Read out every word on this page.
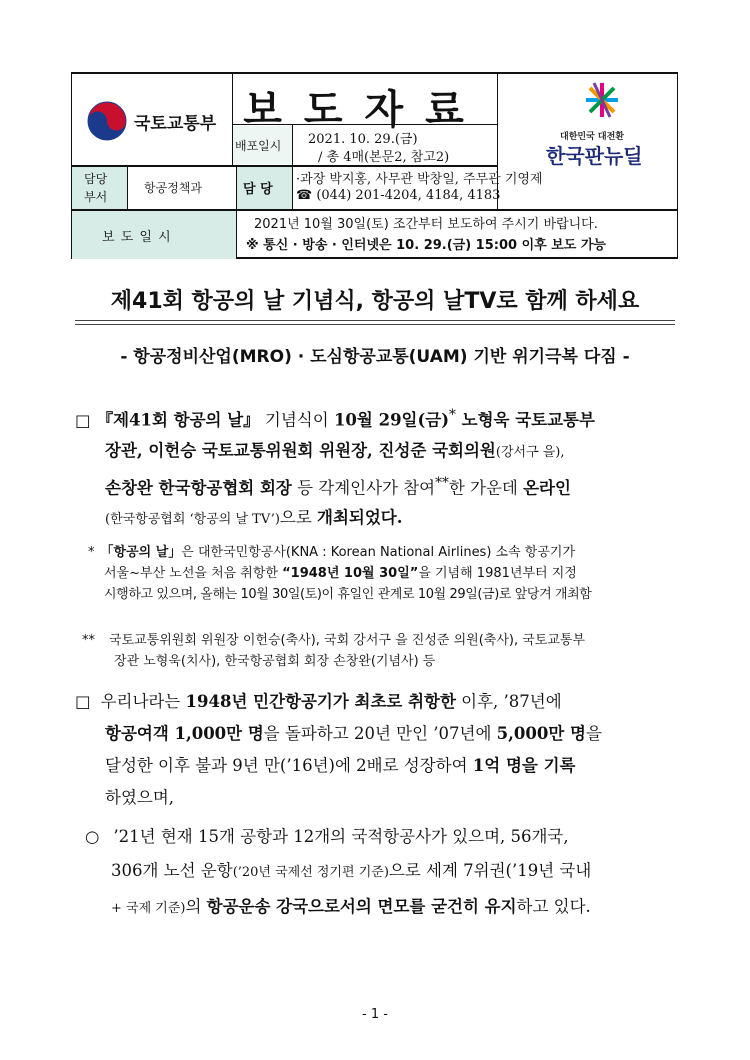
국토교통부 보도자료
배포일시 2021. 10. 29.(금)
/ 총 4매(본문2, 참고2)
대한민국 대전환
한국판뉴딜
담당
부서
항공정책과	담 당
·과장 박지홍, 사무관 박창일, 주무관 기영제
☎ (044) 201-4204, 4184, 4183
보 도 일 시
2021년 10월 30일(토) 조간부터 보도하여 주시기 바랍니다.
※ 통신 · 방송 · 인터넷은 10. 29.(금) 15:00 이후 보도 가능
제41회 항공의 날 기념식, 항공의 날TV로 함께 하세요
- 항공정비산업(MRO) · 도심항공교통(UAM) 기반 위기극복 다짐 -
□ 『제41회 항공의 날』 기념식이 10월 29일(금)* 노형욱 국토교통부
장관, 이헌승 국토교통위원회 위원장, 진성준 국회의원(강서구 을),
손창완 한국항공협회 회장 등 각계인사가 참여**한 가운데 온라인
(한국항공협회 ‘항공의 날 TV’)으로 개최되었다.
* 「항공의 날」은 대한국민항공사(KNA : Korean National Airlines) 소속 항공기가
서울~부산 노선을 처음 취항한 “1948년 10월 30일”을 기념해 1981년부터 지정
시행하고 있으며, 올해는 10월 30일(토)이 휴일인 관계로 10월 29일(금)로 앞당겨 개최함
** 국토교통위원회 위원장 이헌승(축사), 국회 강서구 을 진성준 의원(축사), 국토교통부
장관 노형욱(치사), 한국항공협회 회장 손창완(기념사) 등
□ 우리나라는 1948년 민간항공기가 최초로 취항한 이후, ’87년에
항공여객 1,000만 명을 돌파하고 20년 만인 ’07년에 5,000만 명을
달성한 이후 불과 9년 만(’16년)에 2배로 성장하여 1억 명을 기록
하였으며,
○ ’21년 현재 15개 공항과 12개의 국적항공사가 있으며, 56개국,
306개 노선 운항(’20년 국제선 정기편 기준)으로 세계 7위권(’19년 국내
+ 국제 기준)의 항공운송 강국으로서의 면모를 굳건히 유지하고 있다.
- 1 -
